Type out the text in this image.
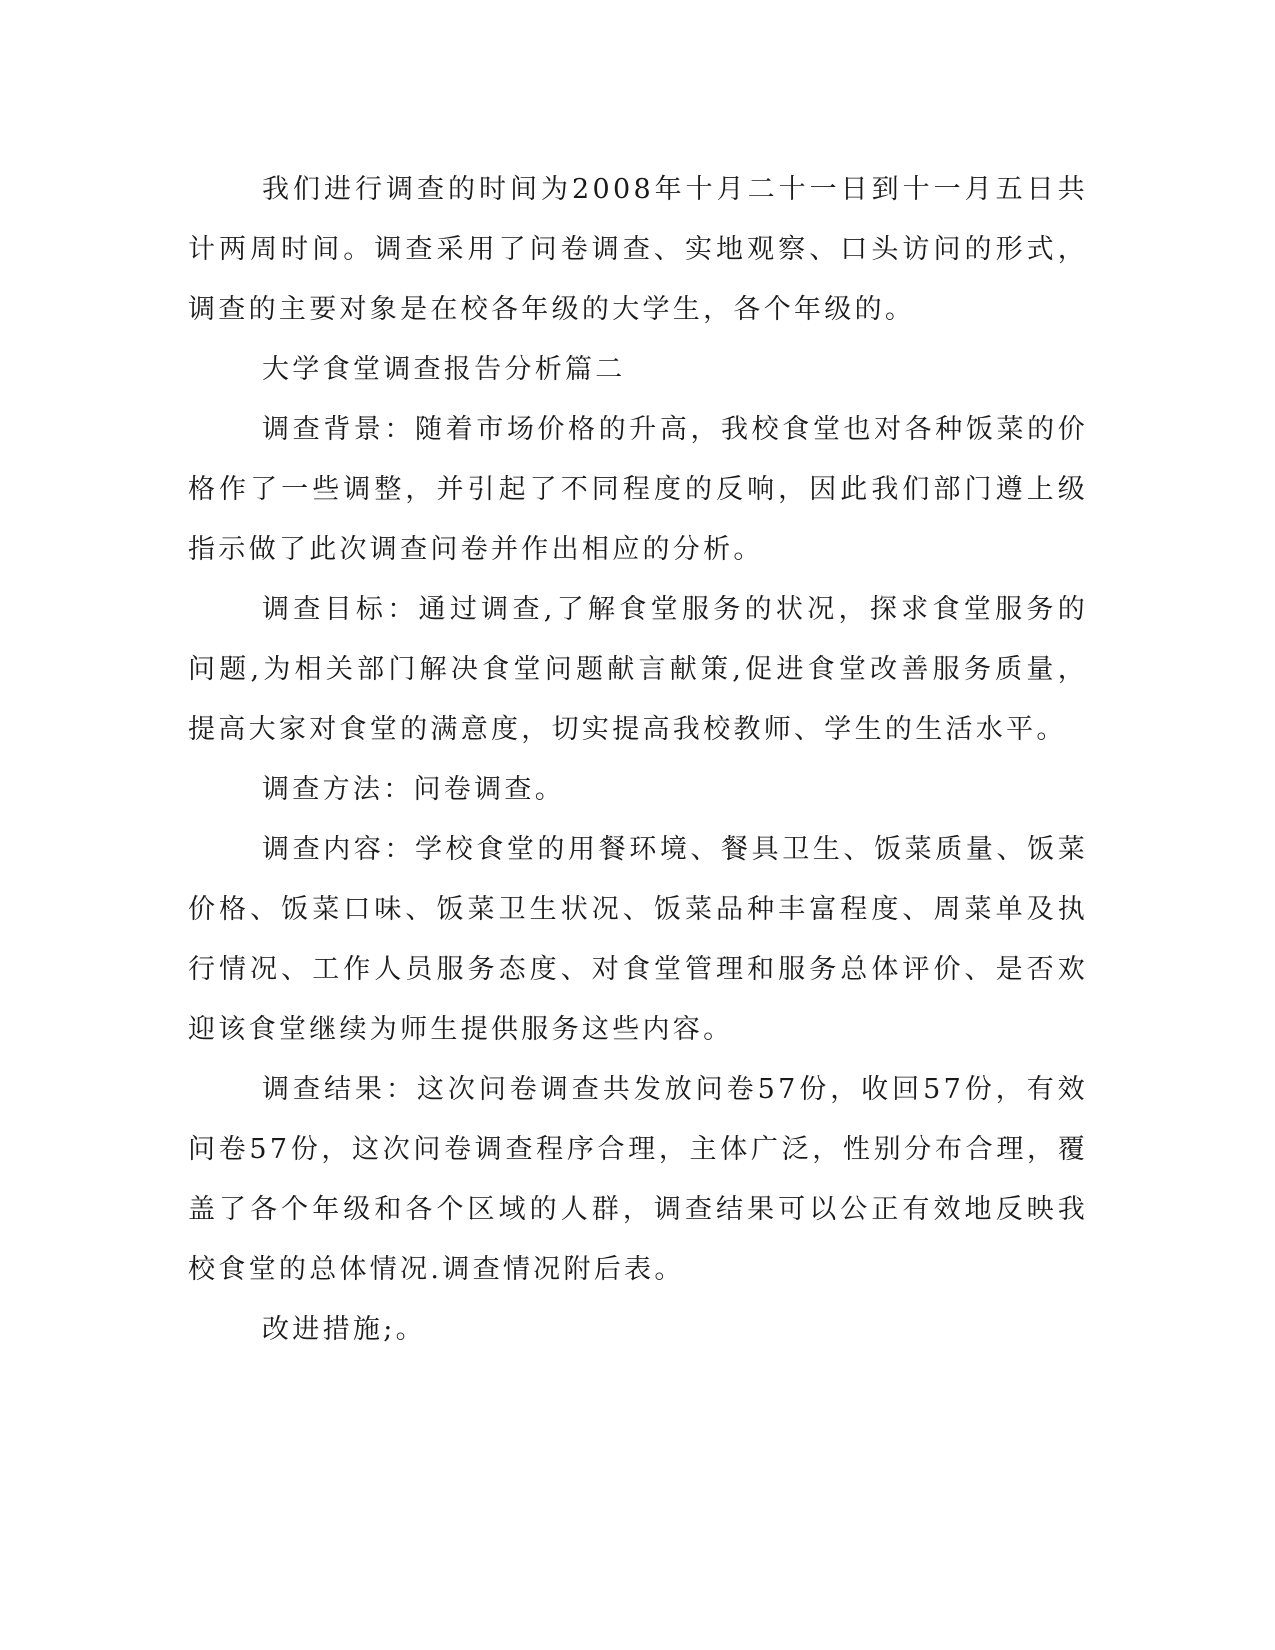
我们进行调查的时间为2008年十月二十一日到十一月五日共计两周时间。调查采用了问卷调查、实地观察、口头访问的形式，调查的主要对象是在校各年级的大学生，各个年级的。

大学食堂调查报告分析篇二

调查背景：随着市场价格的升高，我校食堂也对各种饭菜的价格作了一些调整，并引起了不同程度的反响，因此我们部门遵上级指示做了此次调查问卷并作出相应的分析。

调查目标：通过调查,了解食堂服务的状况，探求食堂服务的问题,为相关部门解决食堂问题献言献策,促进食堂改善服务质量，提高大家对食堂的满意度，切实提高我校教师、学生的生活水平。

调查方法：问卷调查。

调查内容：学校食堂的用餐环境、餐具卫生、饭菜质量、饭菜价格、饭菜口味、饭菜卫生状况、饭菜品种丰富程度、周菜单及执行情况、工作人员服务态度、对食堂管理和服务总体评价、是否欢迎该食堂继续为师生提供服务这些内容。

调查结果：这次问卷调查共发放问卷57份，收回57份，有效问卷57份，这次问卷调查程序合理，主体广泛，性别分布合理，覆盖了各个年级和各个区域的人群，调查结果可以公正有效地反映我校食堂的总体情况.调查情况附后表。

改进措施;。
